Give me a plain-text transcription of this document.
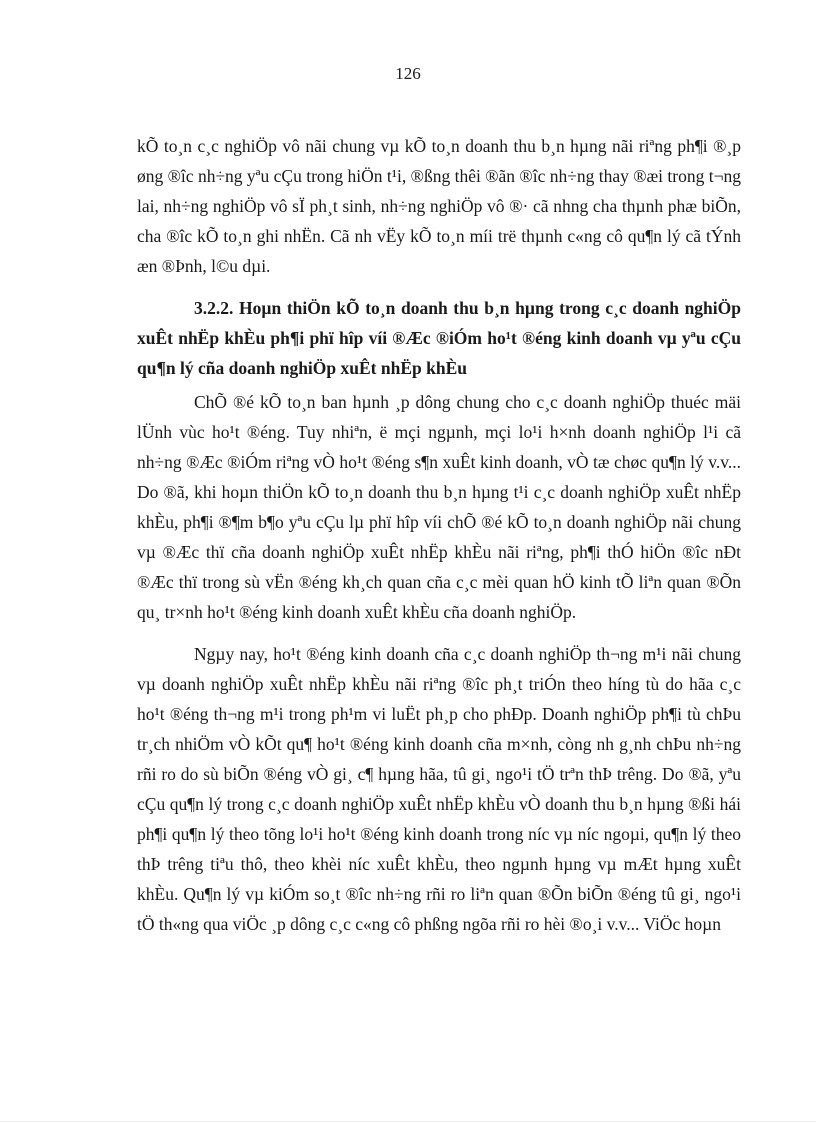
126

kÕ to¸n c¸c nghiÖp vô nãi chung vµ kÕ to¸n doanh thu b¸n hµng nãi riªng ph¶i ®¸p øng ®îc nh÷ng yªu cÇu trong hiÖn t¹i, ®ßng thêi ®ãn ®îc nh÷ng thay ®æi trong t¬ng lai, nh÷ng nghiÖp vô sÏ ph¸t sinh, nh÷ng nghiÖp vô ®· cã nhng cha thµnh phæ biÕn, cha ®îc kÕ to¸n ghi nhËn. Cã nh vËy kÕ to¸n míi trë thµnh c«ng cô qu¶n lý cã tÝnh æn ®Þnh, l©u dµi.

3.2.2. Hoµn thiÖn kÕ to¸n doanh thu b¸n hµng trong c¸c doanh nghiÖp xuÊt nhËp khÈu ph¶i phï hîp víi ®Æc ®iÓm ho¹t ®éng kinh doanh vµ yªu cÇu qu¶n lý cña doanh nghiÖp xuÊt nhËp khÈu

ChÕ ®é kÕ to¸n ban hµnh ¸p dông chung cho c¸c doanh nghiÖp thuéc mäi lÜnh vùc ho¹t ®éng. Tuy nhiªn, ë mçi ngµnh, mçi lo¹i h×nh doanh nghiÖp l¹i cã nh÷ng ®Æc ®iÓm riªng vÒ ho¹t ®éng s¶n xuÊt kinh doanh, vÒ tæ chøc qu¶n lý v.v... Do ®ã, khi hoµn thiÖn kÕ to¸n doanh thu b¸n hµng t¹i c¸c doanh nghiÖp xuÊt nhËp khÈu, ph¶i ®¶m b¶o yªu cÇu lµ phï hîp víi chÕ ®é kÕ to¸n doanh nghiÖp nãi chung vµ ®Æc thï cña doanh nghiÖp xuÊt nhËp khÈu nãi riªng, ph¶i thÓ hiÖn ®îc nÐt ®Æc thï trong sù vËn ®éng kh¸ch quan cña c¸c mèi quan hÖ kinh tÕ liªn quan ®Õn qu¸ tr×nh ho¹t ®éng kinh doanh xuÊt khÈu cña doanh nghiÖp.

Ngµy nay, ho¹t ®éng kinh doanh cña c¸c doanh nghiÖp th¬ng m¹i nãi chung vµ doanh nghiÖp xuÊt nhËp khÈu nãi riªng ®îc ph¸t triÓn theo híng tù do hãa c¸c ho¹t ®éng th¬ng m¹i trong ph¹m vi luËt ph¸p cho phÐp. Doanh nghiÖp ph¶i tù chÞu tr¸ch nhiÖm vÒ kÕt qu¶ ho¹t ®éng kinh doanh cña m×nh, còng nh g¸nh chÞu nh÷ng rñi ro do sù biÕn ®éng vÒ gi¸ c¶ hµng hãa, tû gi¸ ngo¹i tÖ trªn thÞ trêng. Do ®ã, yªu cÇu qu¶n lý trong c¸c doanh nghiÖp xuÊt nhËp khÈu vÒ doanh thu b¸n hµng ®ßi hái ph¶i qu¶n lý theo tõng lo¹i ho¹t ®éng kinh doanh trong níc vµ níc ngoµi, qu¶n lý theo thÞ trêng tiªu thô, theo khèi níc xuÊt khÈu, theo ngµnh hµng vµ mÆt hµng xuÊt khÈu. Qu¶n lý vµ kiÓm so¸t ®îc nh÷ng rñi ro liªn quan ®Õn biÕn ®éng tû gi¸ ngo¹i tÖ th«ng qua viÖc ¸p dông c¸c c«ng cô phßng ngõa rñi ro hèi ®o¸i v.v... ViÖc hoµn
